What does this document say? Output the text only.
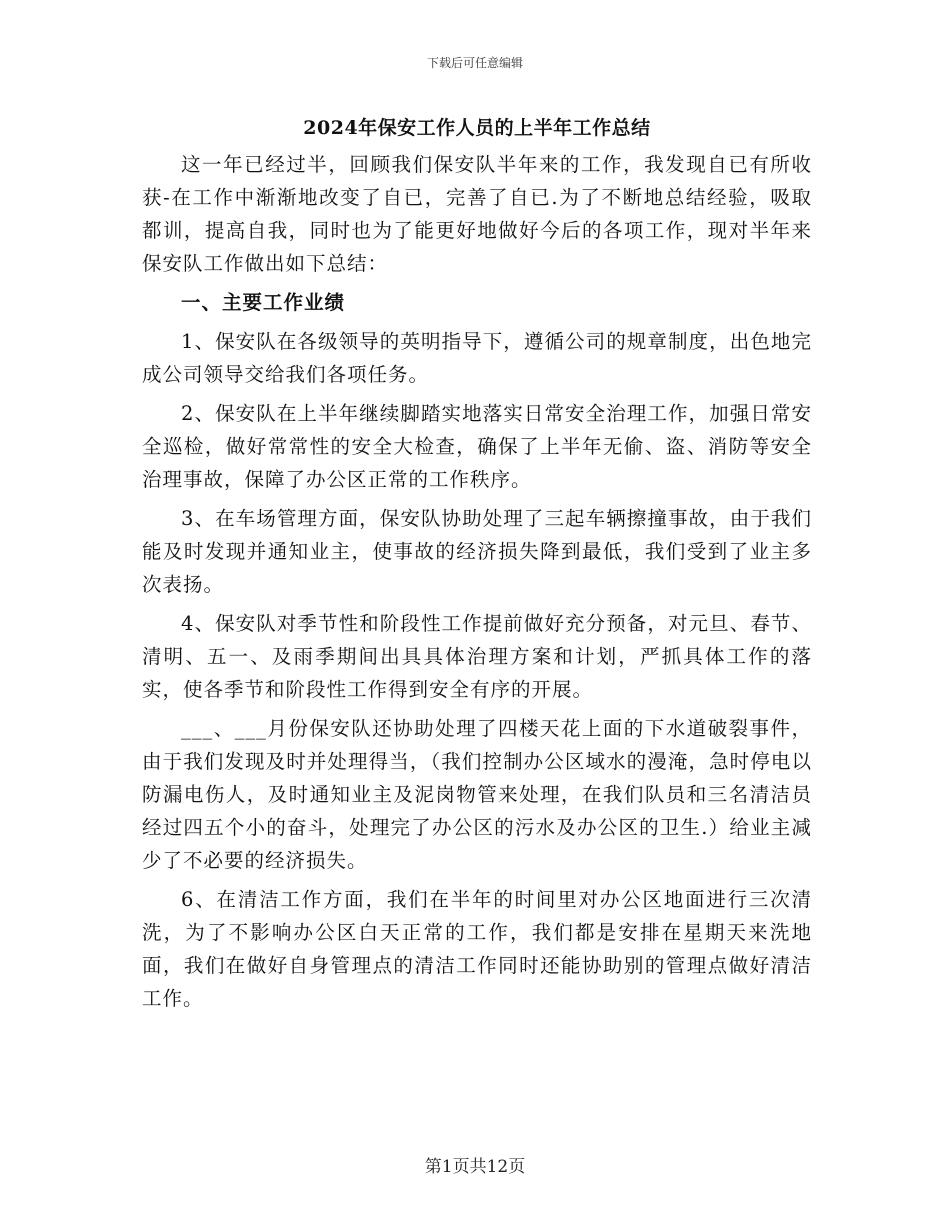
下载后可任意编辑
2024年保安工作人员的上半年工作总结

这一年已经过半，回顾我们保安队半年来的工作，我发现自已有所收获-在工作中渐渐地改变了自已，完善了自已.为了不断地总结经验，吸取都训，提高自我，同时也为了能更好地做好今后的各项工作，现对半年来保安队工作做出如下总结：

一、主要工作业绩

1、保安队在各级领导的英明指导下，遵循公司的规章制度，出色地完成公司领导交给我们各项任务。

2、保安队在上半年继续脚踏实地落实日常安全治理工作，加强日常安全巡检，做好常常性的安全大检查，确保了上半年无偷、盗、消防等安全治理事故，保障了办公区正常的工作秩序。

3、在车场管理方面，保安队协助处理了三起车辆擦撞事故，由于我们能及时发现并通知业主，使事故的经济损失降到最低，我们受到了业主多次表扬。

4、保安队对季节性和阶段性工作提前做好充分预备，对元旦、春节、清明、五一、及雨季期间出具具体治理方案和计划，严抓具体工作的落实，使各季节和阶段性工作得到安全有序的开展。

___、___月份保安队还协助处理了四楼天花上面的下水道破裂事件，由于我们发现及时并处理得当，（我们控制办公区域水的漫淹，急时停电以防漏电伤人，及时通知业主及泥岗物管来处理，在我们队员和三名清洁员经过四五个小的奋斗，处理完了办公区的污水及办公区的卫生.）给业主减少了不必要的经济损失。

6、在清洁工作方面，我们在半年的时间里对办公区地面进行三次清洗，为了不影响办公区白天正常的工作，我们都是安排在星期天来洗地面，我们在做好自身管理点的清洁工作同时还能协助别的管理点做好清洁工作。

第1页共12页
